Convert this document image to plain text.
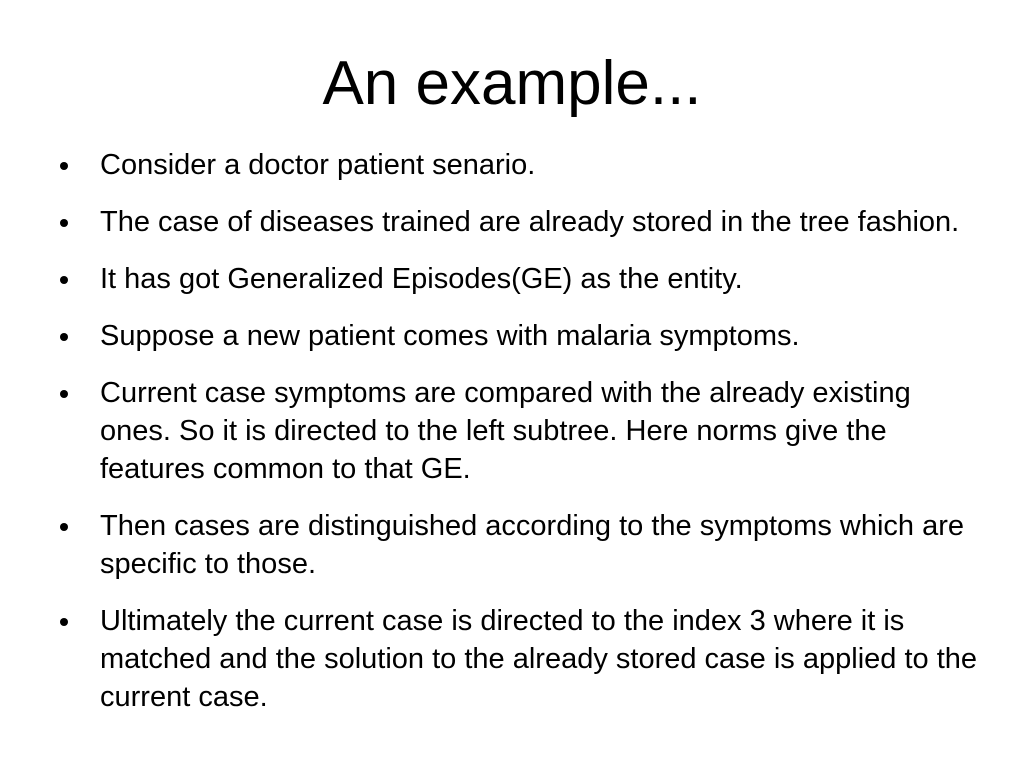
An example...
Consider a doctor patient senario.
The case of diseases trained are already stored in the tree fashion.
It has got Generalized Episodes(GE) as the entity.
Suppose a new patient comes with malaria symptoms.
Current case symptoms are compared with the already existing ones. So it is directed to the left subtree. Here norms give the features common to that GE.
Then cases are distinguished according to the symptoms which are specific to those.
Ultimately the current case is directed to the index 3 where it is matched and the solution to the already stored case is applied to the current case.
